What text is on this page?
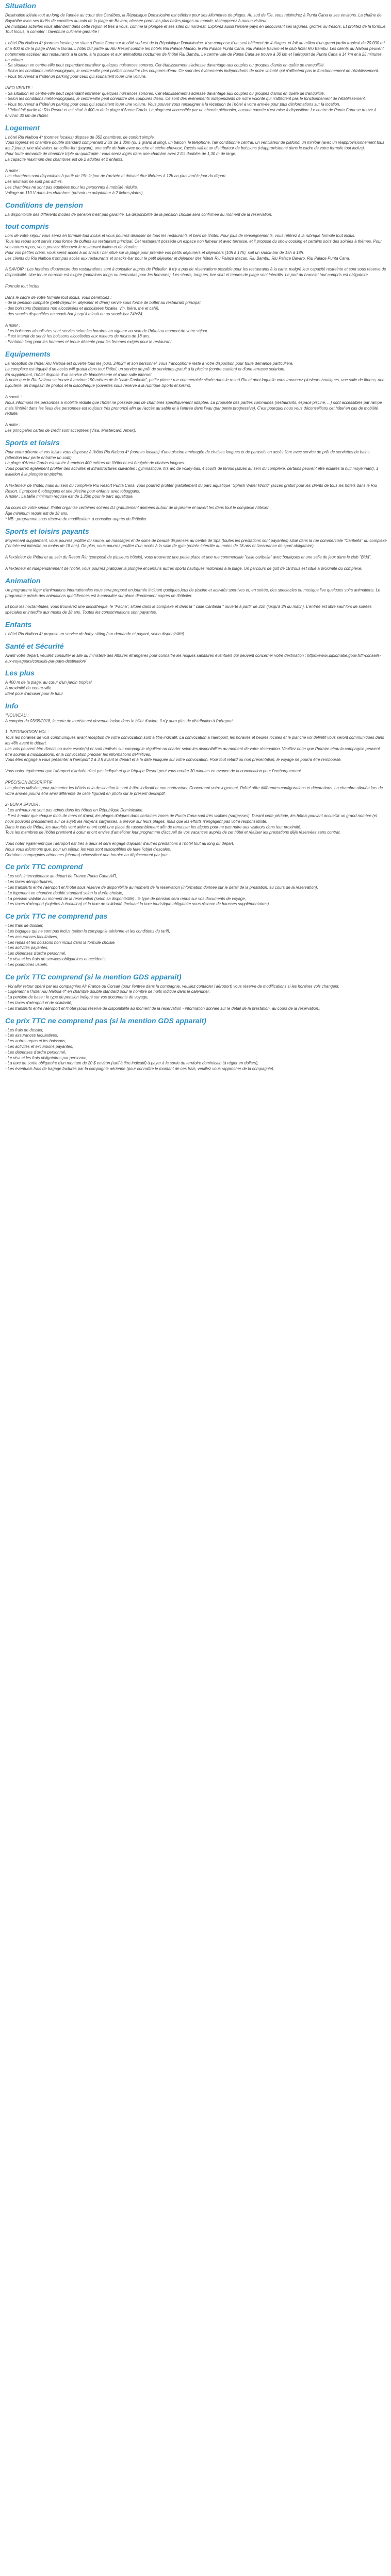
Situation

Destination idéale tout au long de l'année au cœur des Caraïbes, la République Dominicaine est célèbre pour ses kilomètres de plages. Au sud de l'île, vous rejoindrez à Punta Cana et ses environs. La chaîne de Bayahibe avec ses forêts de cocotiers au coin de la plage de Bavaro, classée parmi les plus belles plages au monde, réchapperez à aucun visiteur.

De multiples activités vous attendent dans cette région et très à vous, comme la plongée et ses sites du nord-est. Explorez aussi l'arrière-pays en découvrant ses lagunes, grottes ou trésors. Et profitez de la formule Tout Inclus, à compter : l'aventure culinaire garantie !

L'hôtel Riu Naiboa 4* (normes locales) se situe à Punta Cana sur le côté sud-est de la République Dominicaine. Il se compose d'un seul bâtiment de 4 étages, et fait au milieu d'un grand jardin tropical de 20.000 m² et à 400 m de la plage d'Arena Gorda. L'hôtel fait partie du Riu Resort comme les hôtels Riu Palace Macao, le Riu Palace Punta Cana, Riu Palace Bavaro et le club hôtel Riu Bambu. Les clients du Naiboa peuvent notamment accéder aux restaurants à la carte, à la piscine et aux animations nocturnes de l'hôtel Riu Bambu. Le centre-ville de Punta Cana se trouve à 30 km et l'aéroport de Punta Cana à 14 km et à 25 minutes en voiture.

- Sa situation en centre-ville peut cependant entraîner quelques nuisances sonores. Cet établissement s'adresse davantage aux couples ou groupes d'amis en quête de tranquillité.

- Selon les conditions météorologiques, le centre-ville peut parfois connaître des coupures d'eau. Ce sont des événements indépendants de notre volonté qui n'affectent pas le fonctionnement de l'établissement.

- Vous trouverez à l'hôtel un parking pour ceux qui souhaitent louer une voiture.

INFO VERITE :

- Sa situation en centre-ville peut cependant entraîner quelques nuisances sonores. Cet établissement s'adresse davantage aux couples ou groupes d'amis en quête de tranquillité.

- Selon les conditions météorologiques, le centre-ville peut connaître des coupures d'eau. Ce sont des événements indépendants de notre volonté qui n'affectent pas le fonctionnement de l'établissement.

- Vous trouverez à l'hôtel un parking pour ceux qui souhaitent louer une voiture. Vous pouvez vous renseigner à la réception de l'hôtel à votre arrivée pour plus d'informations sur la location.

- L'hôtel fait partie du Riu Resort et est situé à 400 m de la plage d'Arena Gorda. La plage est accessible par un chemin piétonnier, aucune navette n'est mise à disposition. Le centre de Punta Cana se trouve à environ 30 km de l'hôtel.

Logement

L'hôtel Riu Naiboa 4* (normes locales) dispose de 362 chambres, de confort simple.

Vous logerez en chambre double standard comprenant 2 lits de 1,30m (ou 1 grand lit king), un balcon, le téléphone, l'air conditionné central, un ventilateur de plafond, un minibar (avec un réapprovisionnement tous les 2 jours), une télévision, un coffre-fort (payant), une salle de bain avec douche et sèche-cheveux, l'accès wifi et un distributeur de boissons (réapprovisionné dans le cadre de votre formule tout inclus).

Pour toute demande de chambre triple ou quadruple : vous serez logés dans une chambre avec 2 lits doubles de 1,30 m de large.

La capacité maximum des chambres est de 2 adultes et 2 enfants.

A noter :

Les chambres sont disponibles à partir de 15h le jour de l'arrivée et doivent être libérées à 12h au plus tard le jour du départ.

Les animaux ne sont pas admis.

Les chambres ne sont pas équipées pour les personnes à mobilité réduite.

Voltage de 110 V dans les chambres (prévoir un adaptateur à 2 fiches plates).

Conditions de pension

La disponibilité des différents modes de pension n'est pas garantie. La disponibilité de la pension choisie sera confirmée au moment de la réservation.

tout compris

Lors de votre séjour vous serez en formule tout inclus et vous pourrez disposer de tous les restaurants et bars de l'hôtel. Pour plus de renseignements, vous référez à la rubrique formule tout inclus.

Tous les repas sont servis sous forme de buffets au restaurant principal. Cet restaurant possède un espace non fumeur et avec terrasse, et il propose du show cooking et certains soirs des soirées à thèmes. Pour vos autres repas, vous pouvez découvrir le restaurant italien et de viandes.

Pour vos petites creux, vous serez accès à un snack / bar situé sur la plage pour prendre vos petits déjeuners et déjeuners (10h à 17h), soit un snack-bar de 15h à 18h.

Les clients du Riu Naiboa n'ont pas accès aux restaurants et snacks-bar pour le petit déjeuner et déjeuner des hôtels Riu Palace Macao, Riu Bambu, Riu Palace Bavaro, Riu Palace Punta Cana.

A SAVOIR : Les horaires d'ouverture des restaurations sont à consulter auprès de l'hôtelier. Il n'y a pas de réservations possible pour les restaurants à la carte, malgré leur capacité restreinte et sont sous réserve de disponibilité. Une tenue correcte est exigée (pantalons longs ou bermudas pour les hommes). Les shorts, tongues, bar shirt et tenues de plage sont interdits. Le port du bracelet tout compris est obligatoire.

Formule tout inclus

Dans le cadre de votre formule tout inclus, vous bénéficiez :

- de la pension complète (petit-déjeuner, déjeuner et dîner) servie sous forme de buffet au restaurant principal.

- des boissons (boissons non alcoolisées et alcoolisées locales, vin, bière, thé et café),

- des snacks disponibles en snack-bar jusqu'à minuit ou au snack-bar 24h/24.

A noter :

- Les boissons alcoolisées sont servies selon les horaires en vigueur au sein de l'hôtel au moment de votre séjour.

- Il est interdit de servir les boissons alcoolisées aux mineurs de moins de 18 ans.

- Pantalon long pour les hommes et tenue décente pour les femmes exigés pour le restaurant.

Equipements

La réception de l'hôtel Riu Naiboa est ouverte tous les jours, 24h/24 et son personnel, vous francophone reste à votre disposition pour toute demande particulière.

Le complexe est équipé d'un accès wifi gratuit dans tout l'hôtel, un service de prêt de serviettes gratuit à la piscine (contre caution) et d'une terrasse solarium.

En supplément, l'hôtel dispose d'un service de blanchisserie et d'une salle internet.

À noter que le Riu Naiboa se trouve à environ 150 mètres de la "calle Caribella", petite place / rue commerciale située dans le resort Riu et dont laquelle vous trouverez plusieurs boutiques, une salle de fitness, une bijouterie, un magasin de photos et la discothèque (ouvertes sous réserve à la rubrique Sports et loisirs).

A savoir :

Nous informons les personnes à mobilité réduite que l'hôtel ne possède pas de chambres spécifiquement adaptée. La propriété des parties communes (restaurants, espace piscine, ...) sont accessibles par rampe mais l'intérêt dans les lieux des personnes est toujours très prononcé afin de l'accès au sable et à l'entrée dans l'eau (par pente progressive). C'est pourquoi nous vous déconseillons cet hôtel en cas de mobilité réduite.

A noter :

Les principales cartes de crédit sont acceptées (Visa, Mastercard, Amex).

Sports et loisirs

Pour votre détente et vos loisirs vous disposez à l'hôtel Riu Naiboa 4* (normes locales) d'une piscine aménagée de chaises longues et de parasols en accès libre avec service de prêt de serviettes de bains (attention leur perte entraîne un coût).

La plage d'Arena Gorda est située à environ 400 mètres de l'hôtel et est équipée de chaises longues.

Vous pourrez également profiter des activités et infrastructures suivantes : gymnastique, tirs arc de volley-ball, 4 courts de tennis (situés au sein du complexe, certains peuvent être éclairés la nuit moyennant), 1 initiation à la plongée en piscine.

A l'extérieur de l'hôtel, mais au sein du complexe Riu Resort Punta Cana, vous pourrez profiter gratuitement du parc aquatique "Splash Water World" (accès gratuit pour les clients de tous les hôtels dans le Riu Resort. Il propose 6 toboggans et une piscine pour enfants avec toboggans.

A noter : La taille minimum requise est de 1,20m pour le parc aquatique.

Au cours de votre séjour, l'hôtel organise certaines soirées DJ gratuitement animées autour de la piscine et ouvert les dans tout le complexe hôtelier.

Âge minimum requis est de 18 ans.

* NB : programme sous réserve de modification, à consulter auprès de l'hôtelier.

Sports et loisirs payants

Moyennant supplément, vous pourrez profiter du sauna, de massages et de soins de beauté dispensés au centre de Spa (toutes les prestations sont payantes) situé dans la rue commerciale "Caribella" du complexe (l'entrée est interdite au moins de 18 ans). De plus, vous pourrez profiter d'un accès à la salle de gym (entrée interdite au moins de 18 ans et l'assurance de sport obligatoire).

A l'extérieur de l'hôtel et au sein du Resort Riu (composé de plusieurs hôtels), vous trouverez une petite place et une rue commerciale "calle caribella" avec boutiques et une salle de jeux dans le club "Bidá".

A l'extérieur et indépendamment de l'hôtel, vous pourrez pratiquer la plongée et certains autres sports nautiques motorisés à la plage. Un parcours de golf de 18 trous est situé à proximité du complexe.

Animation

Un programme léger d'animations internationales vous sera proposé en journée incluant quelques jeux de piscine et activités sportives et, en soirée, des spectacles ou musique live quelques soirs animations. Le programme précis des animations quotidiennes est à consulter sur place directement auprès de l'hôtelier.

Et pour les noctambules, vous trouverez une discothèque, le "Pacha", située dans le complexe et dans la " calle Caribella " ouverte à partir de 22h (jusqu'à 2h du matin). L'entrée est libre sauf lors de soirées spéciales et interdite aux moins de 18 ans. Toutes les consommations sont payantes.

Enfants

L'hôtel Riu Naiboa 4* propose un service de baby-sitting (sur demande et payant, selon disponibilité).

Santé et Sécurité

Avant votre départ, veuillez consulter le site du ministère des Affaires étrangères pour connaître les risques sanitaires éventuels qui peuvent concerner votre destination : https://www.diplomatie.gouv.fr/fr/conseils-aux-voyageurs/conseils-par-pays-destination/

Les plus

A 400 m de la plage, au cœur d'un jardin tropical

A proximité du centre-ville

Idéal pour s'amuser pour le futur

Info

"NOUVEAU :

A compter du 03/05/2018, la carte de touriste est devenue inclue dans le billet d'avion. Il n'y aura plus de distribution à l'aéroport.

1. INFORMATION VOL :

Tous les horaires de vols communiqués avant réception de votre convocation sont à titre indicatif. La convocation à l'aéroport, les horaires et heures locales et le planche vol définitif vous seront communiqués dans les 48h avant le départ.

Les vols peuvent être directs ou avec escale(s) et sont réalisés sur compagnie régulière ou charter selon les disponibilités au moment de votre réservation. Veuillez noter que l'horaire et/ou la compagnie peuvent être soumis à modifications, et la convocation préciser les informations définitives.

Vous êtes engagé à vous présenter à l'aéroport 2 à 3 h avant le départ et à la date indiquée sur votre convocation. Pour tout retard ou non présentation, le voyage ne pourra être remboursé.

Vous noter également que l'aéroport d'arrivée n'est pas indiqué et que l'équipe Resort peut vous rendre 30 minutes en avance de la convocation pour l'embarquement.

PRÉCISION DESCRIPTIF

Les photos utilisées pour présenter les hôtels et la destination le sont à titre indicatif et non contractuel. Concernant votre logement, l'hôtel offre différentes configurations et décorations. La chambre allouée lors de votre arrivée pourra être ainsi différente de celle figurant en photo sur le présent descriptif.

2- BON A SAVOIR :

- Les animaux ne sont pas admis dans les hôtels en République Dominicaine.

- Il est à noter que chaque mois de mars et d'avril, les plages d'algues dans certaines zones de Punta Cana sont très visibles (sargasses). Durant cette période, les hôtels pouvant accueillir un grand nombre (et nous pouvons précisément sur ce sujet) les moyens sargasses, à prévoir sur leurs plages, mais que les efforts n'engagent pas votre responsabilité.

Dans le cas de l'hôtel, les autorités vont aider et ont opté une place de rassemblement afin de ramasser les algues pour ne pas nuire aux visiteurs dans leur proximité.

Tous les membres de l'hôtel prennent à cœur et ont envies d'améliorer leur programme d'accueil de vos vacances auprès de cet hôtel et réaliser les prestations déjà réservées sans contrat.

Vous noter également que l'aéroport est très à deux et sera engagé d'ajouter d'autres prestations à l'hôtel tout au long du départ.

Nous vous informons que, pour un séjour, les vols sont susceptibles de faire l'objet d'escales.

Certaines compagnies aériennes (charter) nécessitent une horaire au déplacement par jour.

Ce prix TTC comprend

- Les vols internationaux au départ de France Punta Cana A/R,

- Les taxes aéroportuaires,

- Les transferts entre l'aéroport et l'hôtel sous réserve de disponibilité au moment de la réservation (information donnée sur le détail de la prestation, au cours de la réservation),

- Le logement en chambre double standard selon la durée choisie,

- La pension valable au moment de la réservation (selon sa disponibilité) : le type de pension sera repris sur vos documents de voyage,

- Les taxes d'aéroport (sujettes à évolution) et la taxe de solidarité (incluant la taxe touristique obligatoire sous réserve de hausses supplémentaires).

Ce prix TTC ne comprend pas

- Les frais de dossier,

- Les bagages qui ne sont pas inclus (selon la compagnie aérienne et les conditions du tarif),

- Les assurances facultatives,

- Les repas et les boissons non inclus dans la formule choisie,

- Les activités payantes,

- Les dépenses d'ordre personnel,

- Le visa et les frais de services obligatoires et accidents,

- Les pourboires usuels.

Ce prix TTC comprend (si la mention GDS apparait)

- Vol aller retour opéré par les compagnies Air France ou Corsair (pour l'entrée dans la compagnie, veuillez contacter l'aéroport) vous réserve de modifications si les horaires vols changent,

- Logement à l'hôtel Riu Naiboa 4* en chambre double standard pour le nombre de nuits indiqué dans le calendrier,

- La pension de base : le type de pension indiqué sur vos documents de voyage,

- Les taxes d'aéroport et de solidarité,

- Les transferts entre l'aéroport et l'hôtel (sous réserve de disponibilité au moment de la réservation - information donnée sur le détail de la prestation, au cours de la réservation).

Ce prix TTC ne comprend pas (si la mention GDS apparait)

- Les frais de dossier,

- Les assurances facultatives,

- Les autres repas et les boissons,

- Les activités et excursions payantes,

- Les dépenses d'ordre personnel,

- Le visa et les frais obligatoires par personne,

- La taxe de sortie obligatoire d'un montant de 20 $ environ (tarif à titre indicatif) à payer à la sortie du territoire dominicain (à régler en dollars),

- Les éventuels frais de bagage facturés par la compagnie aérienne (pour connaître le montant de ces frais, veuillez vous rapprocher de la compagnie).
